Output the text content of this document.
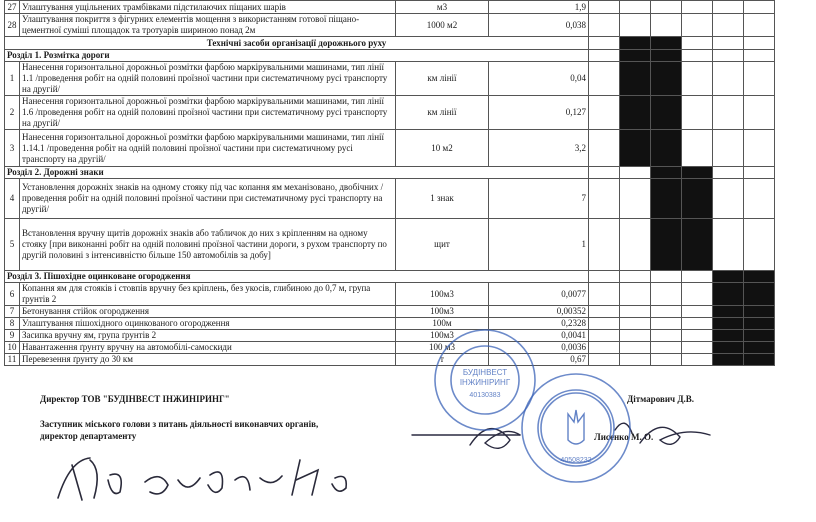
27	Улаштування ущільнених трамбівками підстилаючих піщаних шарів	м3	1,9						
28	Улаштування покриття з фігурних елементів мощення з використанням готової піщано-цементної суміші площадок та тротуарів шириною понад 2м	1000 м2	0,038						
Технічні засоби організації дорожнього руху									
Розділ 1. Розмітка дороги									
1	Нанесення горизонтальної дорожньої розмітки фарбою маркірувальними машинами, тип лінії 1.1 /проведення робіт на одній половині проїзної частини при систематичному русі транспорту на другій/	км лінії	0,04						
2	Нанесення горизонтальної дорожньої розмітки фарбою маркірувальними машинами, тип лінії 1.6 /проведення робіт на одній половині проїзної частини при систематичному русі транспорту на другій/	км лінії	0,127						
3	Нанесення горизонтальної дорожньої розмітки фарбою маркірувальними машинами, тип лінії 1.14.1 /проведення робіт на одній половині проїзної частини при систематичному русі транспорту на другій/	10 м2	3,2						
Розділ 2. Дорожні знаки									
4	Установлення дорожніх знаків на одному стояку під час копання ям механізовано, двобічних /проведення робіт на одній половині проїзної частини при систематичному русі транспорту на другій/	1 знак	7						
5	Встановлення вручну щитів дорожніх знаків або табличок до них з кріпленням на одному стояку [при виконанні робіт на одній половині проїзної частини дороги, з рухом транспорту по другій половині з інтенсивністю більше 150 автомобілів за добу]	щит	1						
Розділ 3. Пішохідне оцинковане огородження									
6	Копання ям для стояків і стовпів вручну без кріплень, без укосів, глибиною до 0,7 м, група ґрунтів 2	100м3	0,0077						
7	Бетонування стійок огородження	100м3	0,00352						
8	Улаштування пішохідного оцинкованого огородження	100м	0,2328						
9	Засипка вручну ям, група ґрунтів 2	100м3	0,0041						
10	Навантаження ґрунту вручну на автомобілі-самоскиди	100 м3	0,0036						
11	Перевезення ґрунту до 30 км	т	0,67						
Директор ТОВ "БУДІНВЕСТ ІНЖИНІРИНГ"	Дітмарович Д.В.
Заступник міського голови з питань діяльності виконавчих органів,
директор департаменту	Лисенко М. О.
БУДІНВЕСТ
ІНЖИНІРИНГ
40130383
40508232
